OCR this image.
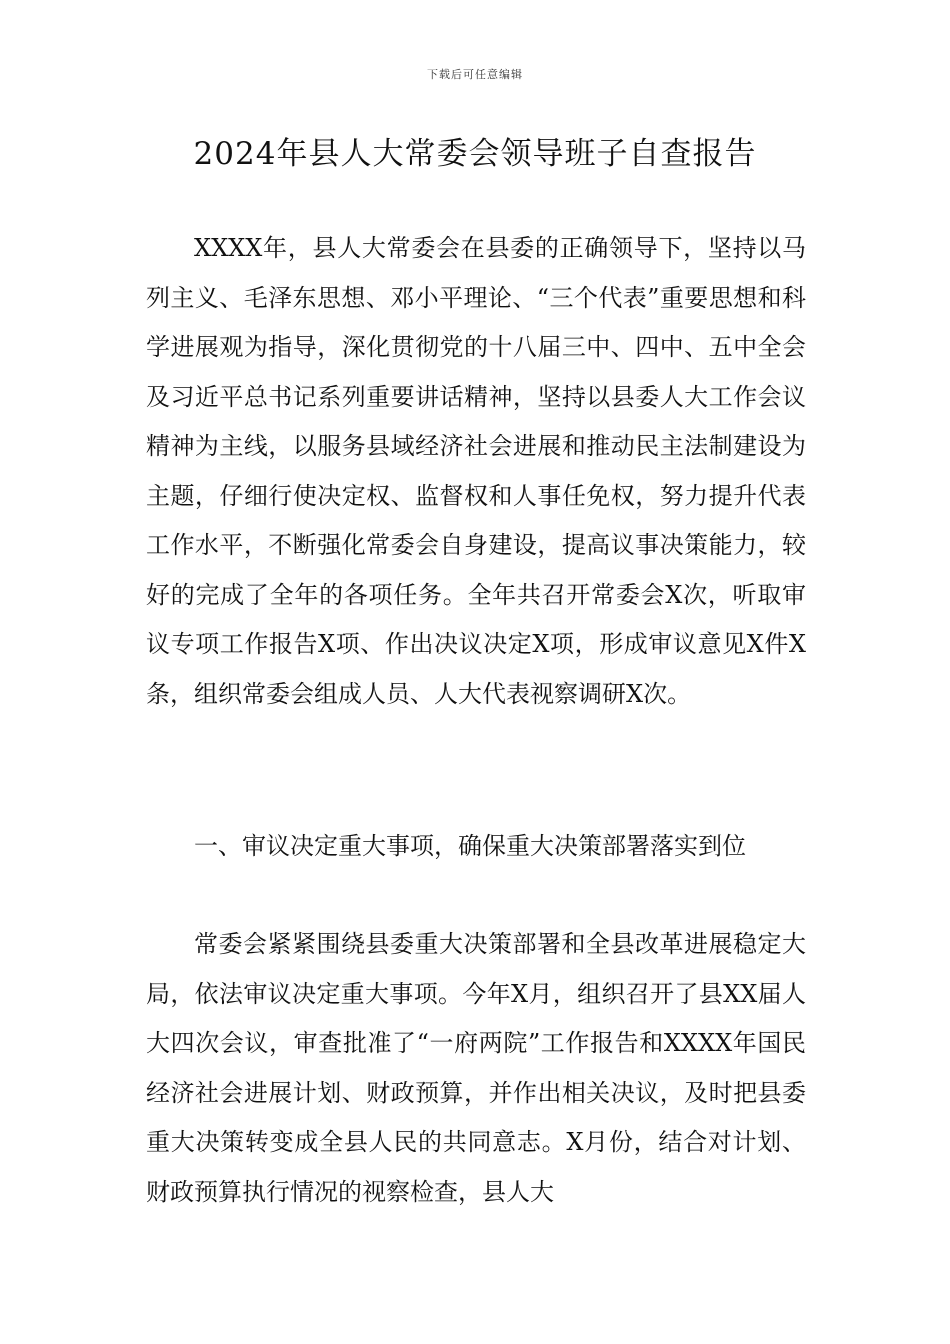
下载后可任意编辑
2024年县人大常委会领导班子自查报告

XXXX年，县人大常委会在县委的正确领导下，坚持以马列主义、毛泽东思想、邓小平理论、“三个代表”重要思想和科学进展观为指导，深化贯彻党的十八届三中、四中、五中全会及习近平总书记系列重要讲话精神，坚持以县委人大工作会议精神为主线，以服务县域经济社会进展和推动民主法制建设为主题，仔细行使决定权、监督权和人事任免权，努力提升代表工作水平，不断强化常委会自身建设，提高议事决策能力，较好的完成了全年的各项任务。全年共召开常委会X次，听取审议专项工作报告X项、作出决议决定X项，形成审议意见X件X条，组织常委会组成人员、人大代表视察调研X次。

一、审议决定重大事项，确保重大决策部署落实到位

常委会紧紧围绕县委重大决策部署和全县改革进展稳定大局，依法审议决定重大事项。今年X月，组织召开了县XX届人大四次会议，审查批准了“一府两院”工作报告和XXXX年国民经济社会进展计划、财政预算，并作出相关决议，及时把县委重大决策转变成全县人民的共同意志。X月份，结合对计划、财政预算执行情况的视察检查，县人大
